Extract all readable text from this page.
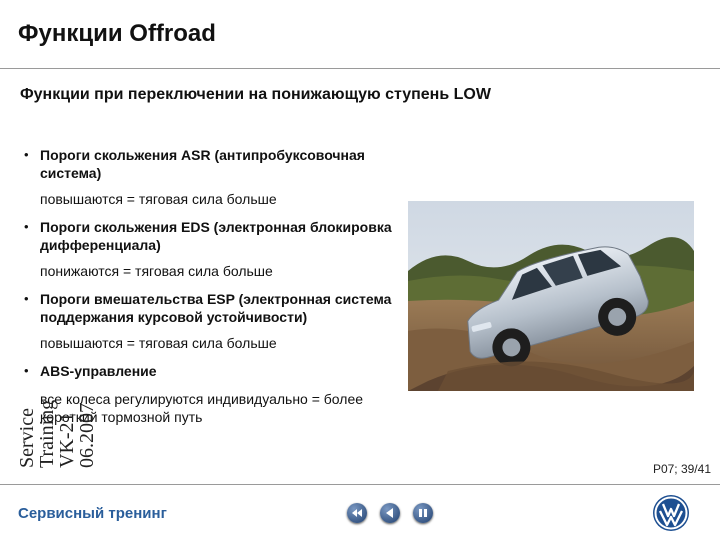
Функции Offroad
Функции при переключении на понижающую ступень LOW
• Пороги скольжения ASR (антипробуксовочная система)
повышаются = тяговая сила больше
• Пороги скольжения EDS (электронная блокировка дифференциала)
понижаются = тяговая сила больше
• Пороги вмешательства ESP (электронная система поддержания курсовой устойчивости)
повышаются = тяговая сила больше
• ABS-управление
все колеса регулируются индивидуально = более короткий тормозной путь
Service
Training
VK-21
06.2007
P07; 39/41
Сервисный тренинг
